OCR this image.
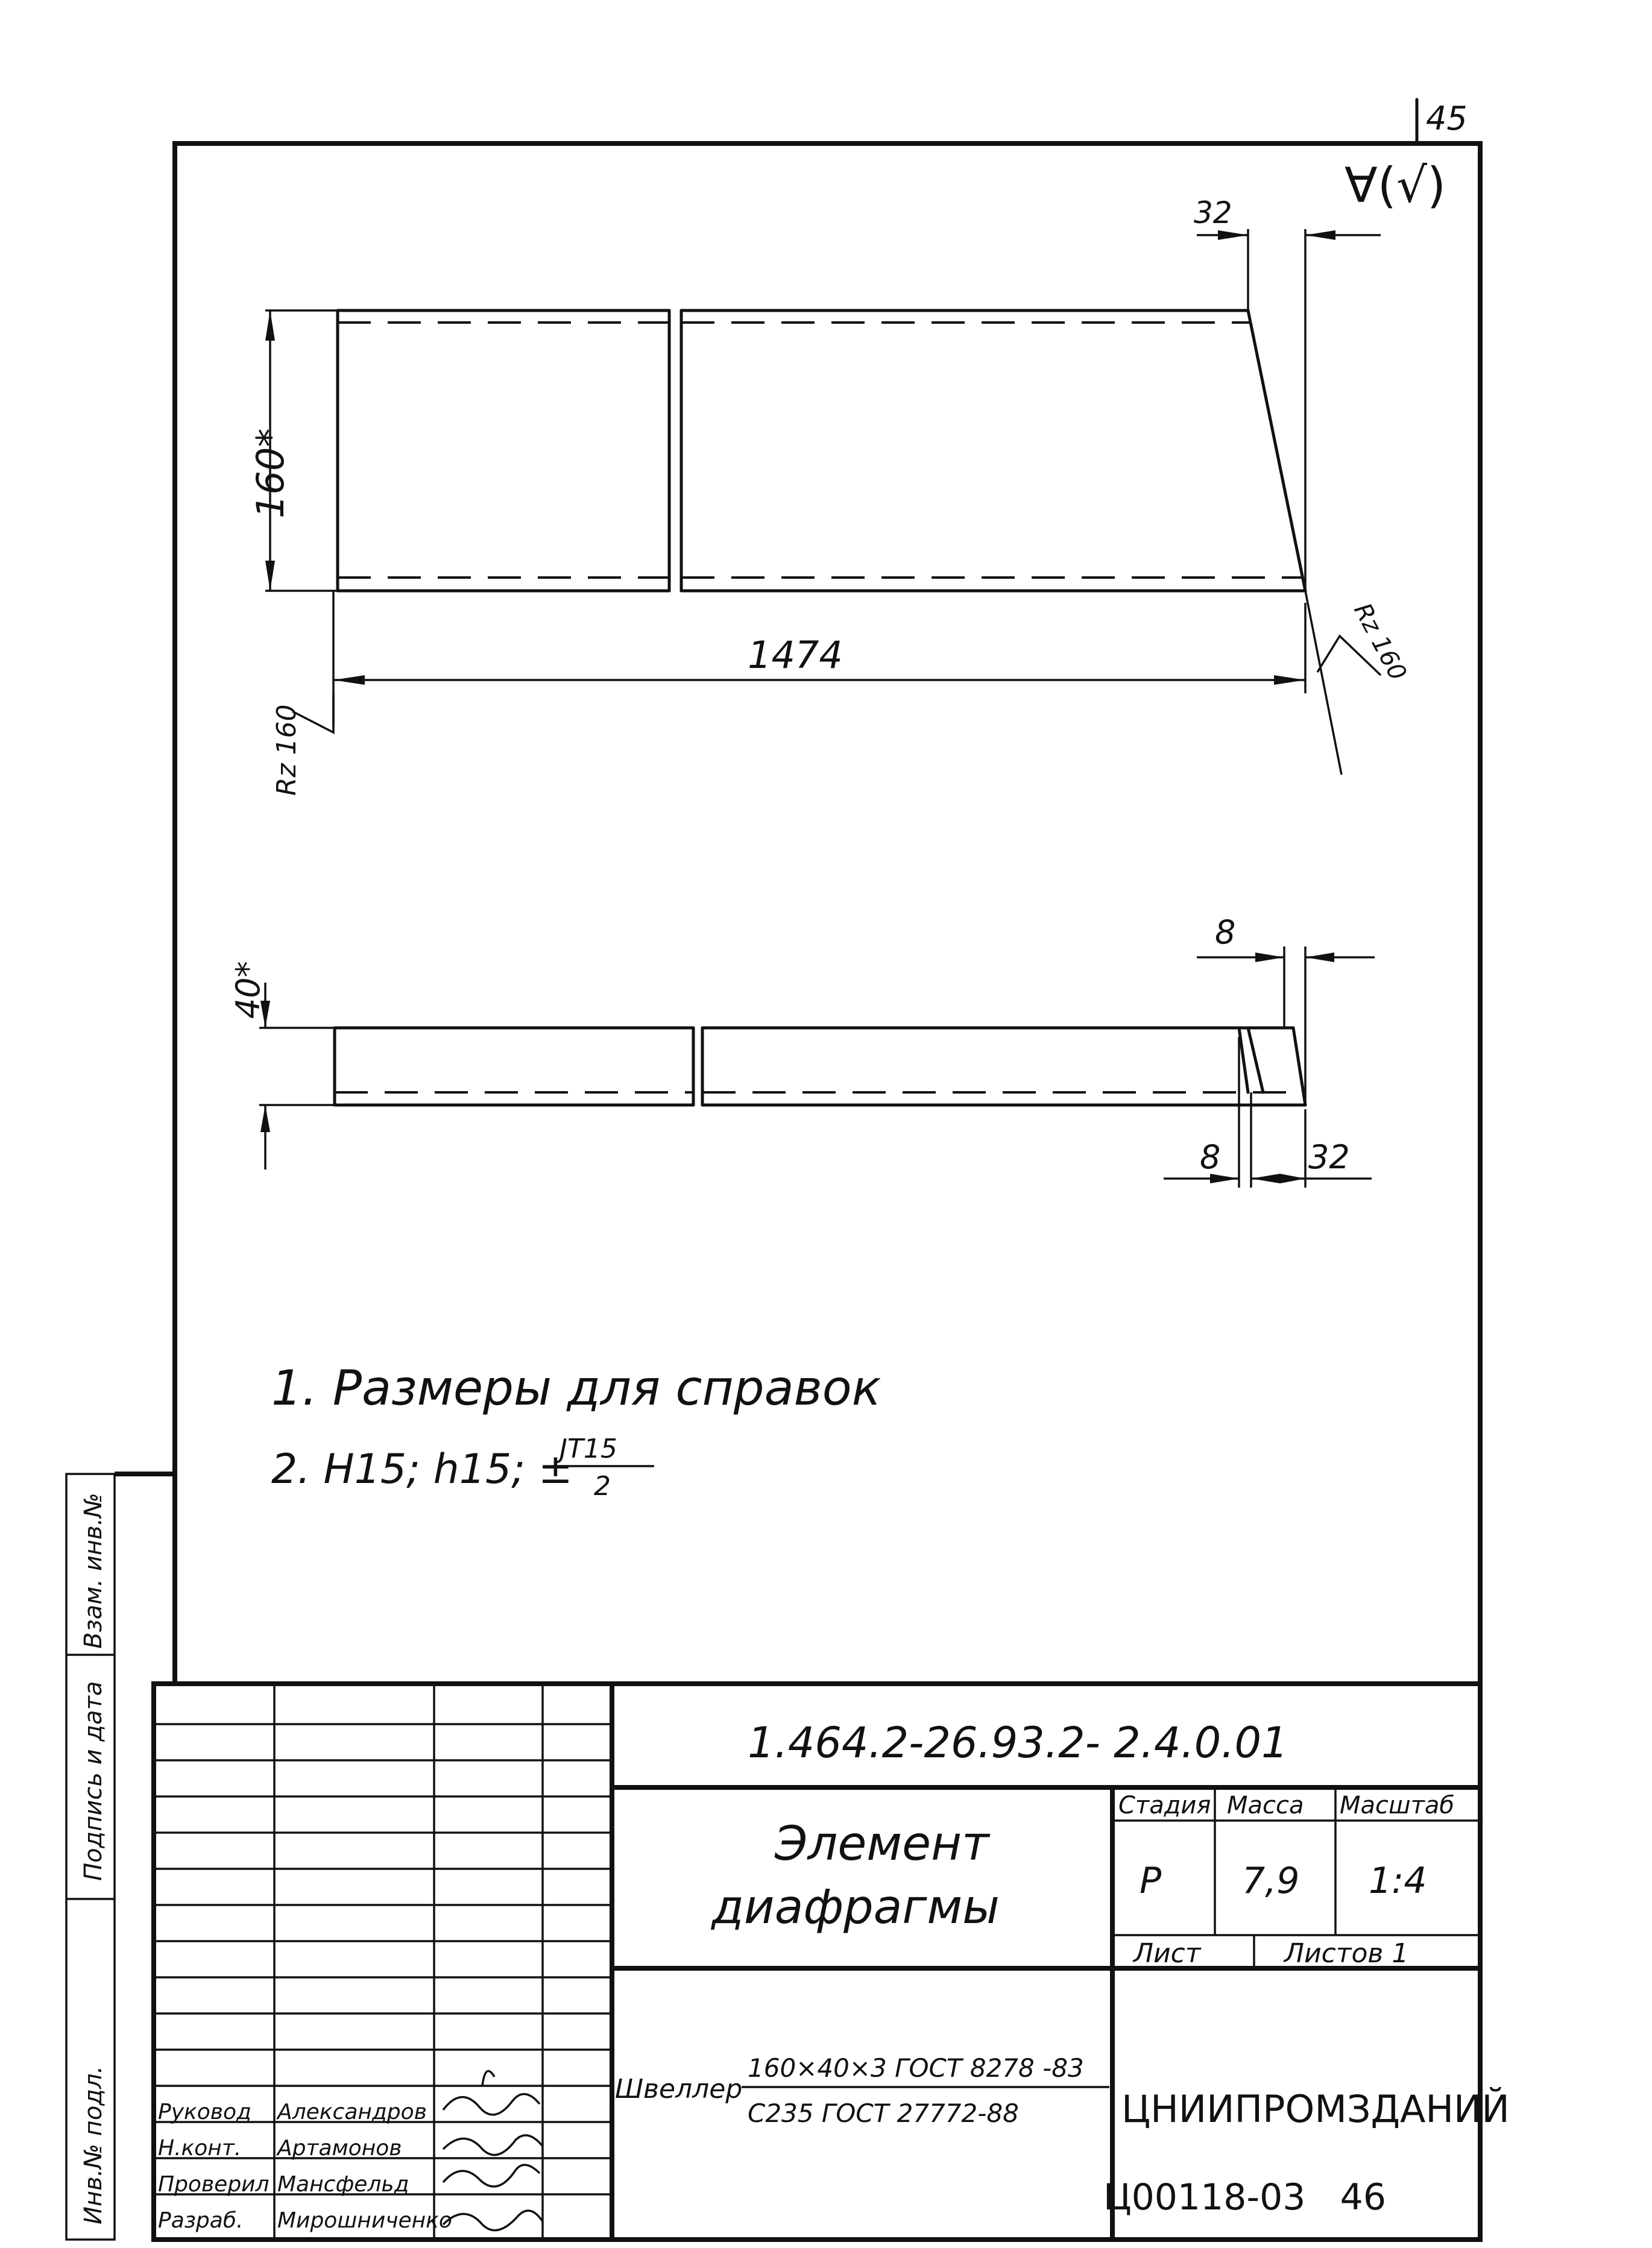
45
∀(√)
160*
1474
32
Rz 160
Rz 160
40*
8
8	32
1. Размеры для справок
2. H15; h15; ±
JT15
2
Взам. инв.№
Подпись и дата
Инв.№ подл.
1.464.2-26.93.2- 2.4.0.01
Элемент
диафрагмы
Стадия Масса Масштаб
Р 7,9 1:4
Лист	Листов 1
Швеллер
160×40×3 ГОСТ 8278 -83
С235 ГОСТ 27772-88	ЦНИИПРОМЗДАНИЙ
Руковод Александров
Н.конт. Артамонов
Проверил Мансфельд
Разраб. Мирошниченко
Ц00118-03   46
